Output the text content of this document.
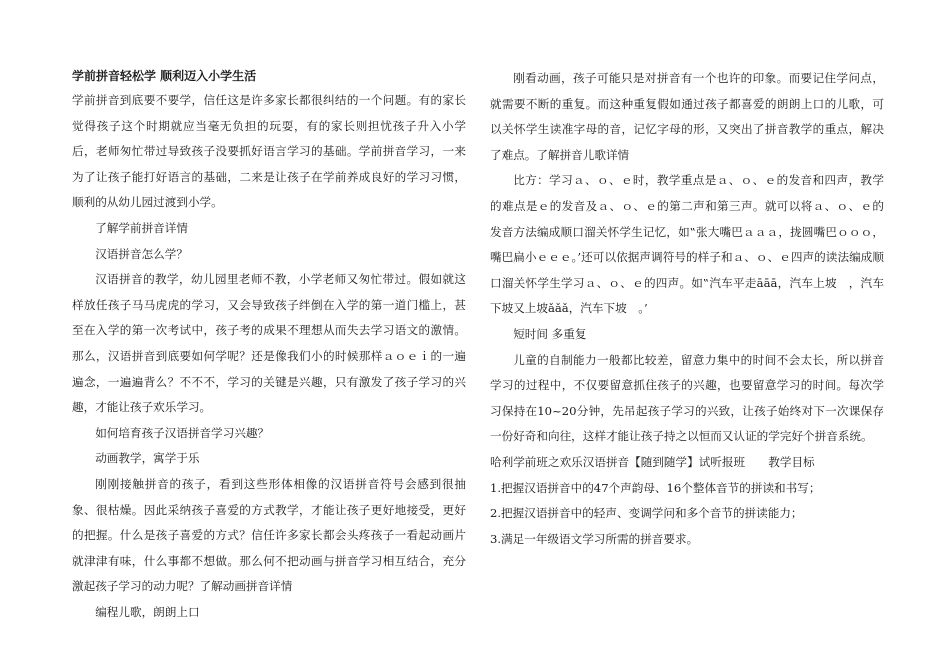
学前拼音轻松学 顺利迈入小学生活

学前拼音到底要不要学，信任这是许多家长都很纠结的一个问题。有的家长觉得孩子这个时期就应当毫无负担的玩耍，有的家长则担忧孩子升入小学后，老师匆忙带过导致孩子没要抓好语言学习的基础。学前拼音学习，一来为了让孩子能打好语言的基础，二来是让孩子在学前养成良好的学习习惯，顺利的从幼儿园过渡到小学。

了解学前拼音详情

汉语拼音怎么学？

汉语拼音的教学，幼儿园里老师不教，小学老师又匆忙带过。假如就这样放任孩子马马虎虎的学习，又会导致孩子绊倒在入学的第一道门槛上，甚至在入学的第一次考试中，孩子考的成果不理想从而失去学习语文的激情。那么，汉语拼音到底要如何学呢？还是像我们小的时候那样ａｏｅｉ的一遍遍念，一遍遍背么？不不不，学习的关键是兴趣，只有激发了孩子学习的兴趣，才能让孩子欢乐学习。

如何培育孩子汉语拼音学习兴趣？

动画教学，寓学于乐

刚刚接触拼音的孩子，看到这些形体相像的汉语拼音符号会感到很抽象、很枯燥。因此采纳孩子喜爱的方式教学，才能让孩子更好地接受，更好的把握。什么是孩子喜爱的方式？信任许多家长都会头疼孩子一看起动画片就津津有味，什么事都不想做。那么何不把动画与拼音学习相互结合，充分激起孩子学习的动力呢？了解动画拼音详情

编程儿歌，朗朗上口

刚看动画，孩子可能只是对拼音有一个也许的印象。而要记住学问点，就需要不断的重复。而这种重复假如通过孩子都喜爱的朗朗上口的儿歌，可以关怀学生读准字母的音，记忆字母的形，又突出了拼音教学的重点，解决了难点。了解拼音儿歌详情

比方：学习ａ、ｏ、ｅ时，教学重点是ａ、ｏ、ｅ的发音和四声，教学的难点是ｅ的发音及ａ、ｏ、ｅ的第二声和第三声。就可以将ａ、ｏ、ｅ的发音方法编成顺口溜关怀学生记忆，如‟张大嘴巴ａａａ，拢圆嘴巴ｏｏｏ，嘴巴扁小ｅｅｅ。’还可以依据声调符号的样子和ａ、ｏ、ｅ四声的读法编成顺口溜关怀学生学习ａ、ｏ、ｅ的四声。如‟汽车平走āāā，汽车上坡　，汽车下坡又上坡ǎǎǎ，汽车下坡　。’

短时间 多重复

儿童的自制能力一般都比较差，留意力集中的时间不会太长，所以拼音学习的过程中，不仅要留意抓住孩子的兴趣，也要留意学习的时间。每次学习保持在10~20分钟，先吊起孩子学习的兴致，让孩子始终对下一次课保存一份好奇和向往，这样才能让孩子持之以恒而又认证的学完好个拼音系统。

哈利学前班之欢乐汉语拼音【随到随学】试听报班　　教学目标

1.把握汉语拼音中的47个声韵母、16个整体音节的拼读和书写；

2.把握汉语拼音中的轻声、变调学问和多个音节的拼读能力；

3.满足一年级语文学习所需的拼音要求。
